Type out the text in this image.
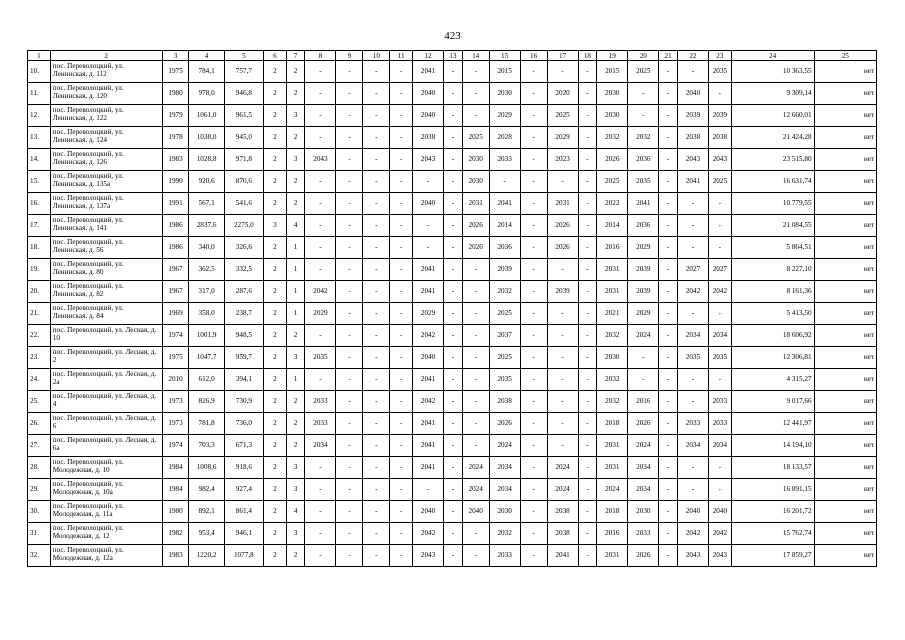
423
1	2	3	4	5	6	7	8	9	10	11	12	13	14	15	16	17	18	19	20	21	22	23	24	25
10.	пос. Переволоцкий, ул. Ленинская, д. 112	1975	784,1	757,7	2	2	-	-	-	-	2041	-	-	2015	-	-	-	2015	2025	-	-	2035	10 363,55	нет
11.	пос. Переволоцкий, ул. Ленинская, д. 120	1980	978,0	946,8	2	2	-	-	-	-	2040	-	-	2030	-	2020	-	2030	-	-	2040	-	9 309,14	нет
12.	пос. Переволоцкий, ул. Ленинская, д. 122	1979	1061,0	961,5	2	3	-	-	-	-	2040	-	-	2029	-	2025	-	2030	-	-	2039	2039	12 660,01	нет
13.	пос. Переволоцкий, ул. Ленинская, д. 124	1978	1038,0	945,0	2	2	-	-	-	-	2038	-	2025	2028	-	2029	-	2032	2032	-	2038	2038	21 424,28	нет
14.	пос. Переволоцкий, ул. Ленинская, д. 126	1983	1028,8	971,8	2	3	2043	-	-	-	2043	-	2030	2033	-	2023	-	2026	2036	-	2043	2043	23 515,80	нет
15.	пос. Переволоцкий, ул. Ленинская, д. 135а	1990	920,6	870,6	2	2	-	-	-	-	-	-	2030	-	-	-	-	2025	2035	-	2041	2025	16 631,74	нет
16.	пос. Переволоцкий, ул. Ленинская, д. 137а	1991	567,1	541,6	2	2	-	-	-	-	2040	-	2031	2041	-	2031	-	2022	2041	-	-	-	10 779,55	нет
17.	пос. Переволоцкий, ул. Ленинская, д. 141	1986	2837,6	2275,0	3	4	-	-	-	-	-	-	2026	2014	-	2026	-	2014	2036	-	-	-	21 084,55	нет
18.	пос. Переволоцкий, ул. Ленинская, д. 56	1986	340,0	326,6	2	1	-	-	-	-	-	-	2026	2036	-	2026	-	2016	2029	-	-	-	5 864,51	нет
19.	пос. Переволоцкий, ул. Ленинская, д. 80	1967	362,5	332,5	2	1	-	-	-	-	2041	-	-	2039	-	-	-	2031	2039	-	2027	2027	8 227,10	нет
20.	пос. Переволоцкий, ул. Ленинская, д. 82	1967	317,0	287,6	2	1	2042	-	-	-	2041	-	-	2032	-	2039	-	2031	2039	-	2042	2042	8 161,36	нет
21.	пос. Переволоцкий, ул. Ленинская, д. 84	1969	358,0	238,7	2	1	2029	-	-	-	2029	-	-	2025	-	-	-	2021	2029	-	-	-	5 413,50	нет
22.	пос. Переволоцкий, ул. Лесная, д. 10	1974	1001,9	948,5	2	2	-	-	-	-	2042	-	-	2037	-	-	-	2032	2024	-	2034	2034	18 606,92	нет
23.	пос. Переволоцкий, ул. Лесная, д. 2	1975	1047,7	959,7	2	3	2035	-	-	-	2040	-	-	2025	-	-	-	2030	-	-	2035	2035	12 306,81	нет
24.	пос. Переволоцкий, ул. Лесная, д. 2а	2010	612,0	394,1	2	1	-	-	-	-	2041	-	-	2035	-	-	-	2032	-	-	-	-	4 315,27	нет
25.	пос. Переволоцкий, ул. Лесная, д. 4	1973	826,9	730,9	2	2	2033	-	-	-	2042	-	-	2038	-	-	-	2032	2016	-	-	2033	9 017,66	нет
26.	пос. Переволоцкий, ул. Лесная, д. 6	1973	781,8	736,0	2	2	2033	-	-	-	2041	-	-	2026	-	-	-	2018	2026	-	2033	2033	12 441,97	нет
27.	пос. Переволоцкий, ул. Лесная, д. 6а	1974	703,3	671,3	2	2	2034	-	-	-	2041	-	-	2024	-	-	-	2031	2024	-	2034	2034	14 194,10	нет
28.	пос. Переволоцкий, ул. Молодежная, д. 10	1984	1008,6	918,6	2	3	-	-	-	-	2041	-	2024	2034	-	2024	-	2031	2034	-	-	-	18 133,57	нет
29.	пос. Переволоцкий, ул. Молодежная, д. 10а	1984	982,4	927,4	2	3	-	-	-	-	-	-	2024	2034	-	2024	-	2024	2034	-	-	-	16 891,15	нет
30.	пос. Переволоцкий, ул. Молодежная, д. 11а	1980	892,1	861,4	2	4	-	-	-	-	2040	-	2040	2030	-	2038	-	2018	2030	-	2040	2040	16 201,72	нет
31.	пос. Переволоцкий, ул. Молодежная, д. 12	1982	953,4	946,1	2	3	-	-	-	-	2042	-	-	2032	-	2038	-	2016	2033	-	2042	2042	15 762,74	нет
32.	пос. Переволоцкий, ул. Молодежная, д. 12а	1983	1220,2	1077,8	2	2	-	-	-	-	2043	-	-	2033	-	2041	-	2031	2026	-	2043	2043	17 859,27	нет
